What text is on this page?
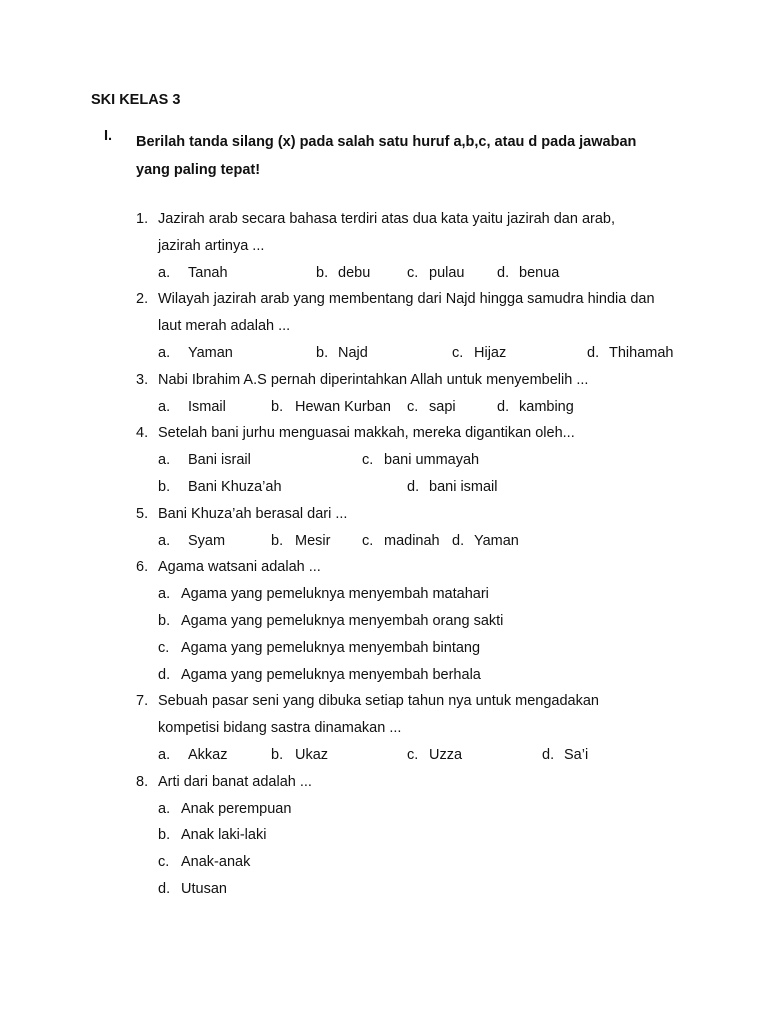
SKI KELAS 3
I. Berilah tanda silang (x) pada salah satu huruf a,b,c, atau d pada jawaban
yang paling tepat!
1. Jazirah arab secara bahasa terdiri atas dua kata yaitu jazirah dan arab,
jazirah artinya ...
a. Tanah	b. debu	c. pulau d. benua
2. Wilayah jazirah arab yang membentang dari Najd hingga samudra hindia dan
laut merah adalah ...
a. Yaman	b. Najd	c. Hijaz	d. Thihamah
3. Nabi Ibrahim A.S pernah diperintahkan Allah untuk menyembelih ...
a. Ismail	b. Hewan Kurban c. sapi	d. kambing
4. Setelah bani jurhu menguasai makkah, mereka digantikan oleh...
a. Bani israil	c. bani ummayah
b. Bani Khuza’ah	d. bani ismail
5. Bani Khuza’ah berasal dari ...
a. Syam	b. Mesir c. madinah d. Yaman
6. Agama watsani adalah ...
a. Agama yang pemeluknya menyembah matahari
b. Agama yang pemeluknya menyembah orang sakti
c. Agama yang pemeluknya menyembah bintang
d. Agama yang pemeluknya menyembah berhala
7. Sebuah pasar seni yang dibuka setiap tahun nya untuk mengadakan
kompetisi bidang sastra dinamakan ...
a. Akkaz	b. Ukaz	c. Uzza	d. Sa’i
8. Arti dari banat adalah ...
a. Anak perempuan
b. Anak laki-laki
c. Anak-anak
d. Utusan
